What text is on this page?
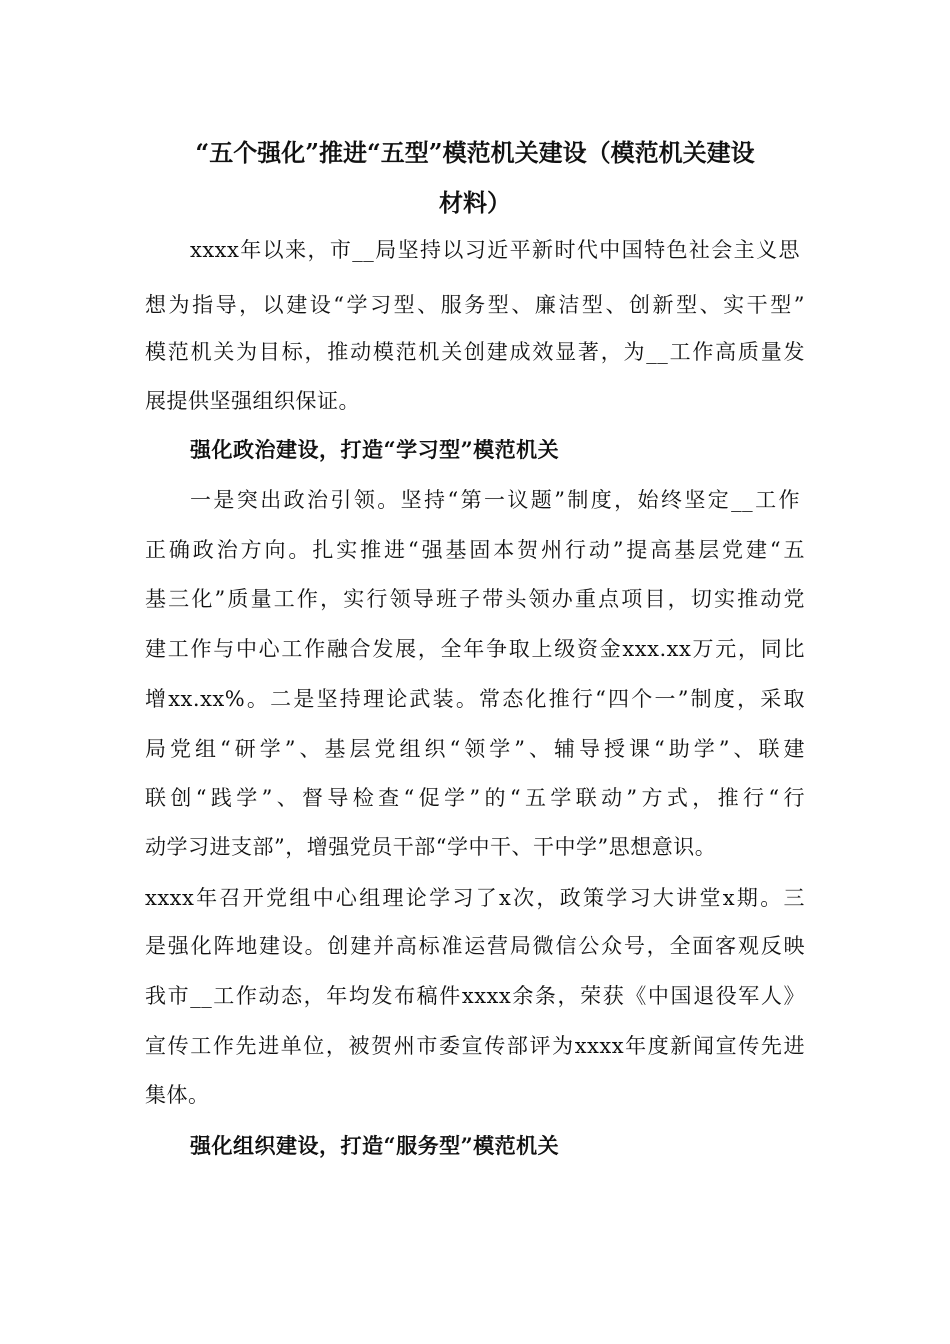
“五个强化”推进“五型”模范机关建设（模范机关建设
材料）

xxxx年以来，市__局坚持以习近平新时代中国特色社会主义思

想为指导，以建设“学习型、服务型、廉洁型、创新型、实干型”

模范机关为目标，推动模范机关创建成效显著，为__工作高质量发

展提供坚强组织保证。

强化政治建设，打造“学习型”模范机关

一是突出政治引领。坚持“第一议题”制度，始终坚定__工作

正确政治方向。扎实推进“强基固本贺州行动”提高基层党建“五

基三化”质量工作，实行领导班子带头领办重点项目，切实推动党

建工作与中心工作融合发展，全年争取上级资金xxx.xx万元，同比

增xx.xx%。二是坚持理论武装。常态化推行“四个一”制度，采取

局党组“研学”、基层党组织“领学”、辅导授课“助学”、联建

联创“践学”、督导检查“促学”的“五学联动”方式，推行“行

动学习进支部”，增强党员干部“学中干、干中学”思想意识。

xxxx年召开党组中心组理论学习了x次，政策学习大讲堂x期。三

是强化阵地建设。创建并高标准运营局微信公众号，全面客观反映

我市__工作动态，年均发布稿件xxxx余条，荣获《中国退役军人》

宣传工作先进单位，被贺州市委宣传部评为xxxx年度新闻宣传先进

集体。

强化组织建设，打造“服务型”模范机关
